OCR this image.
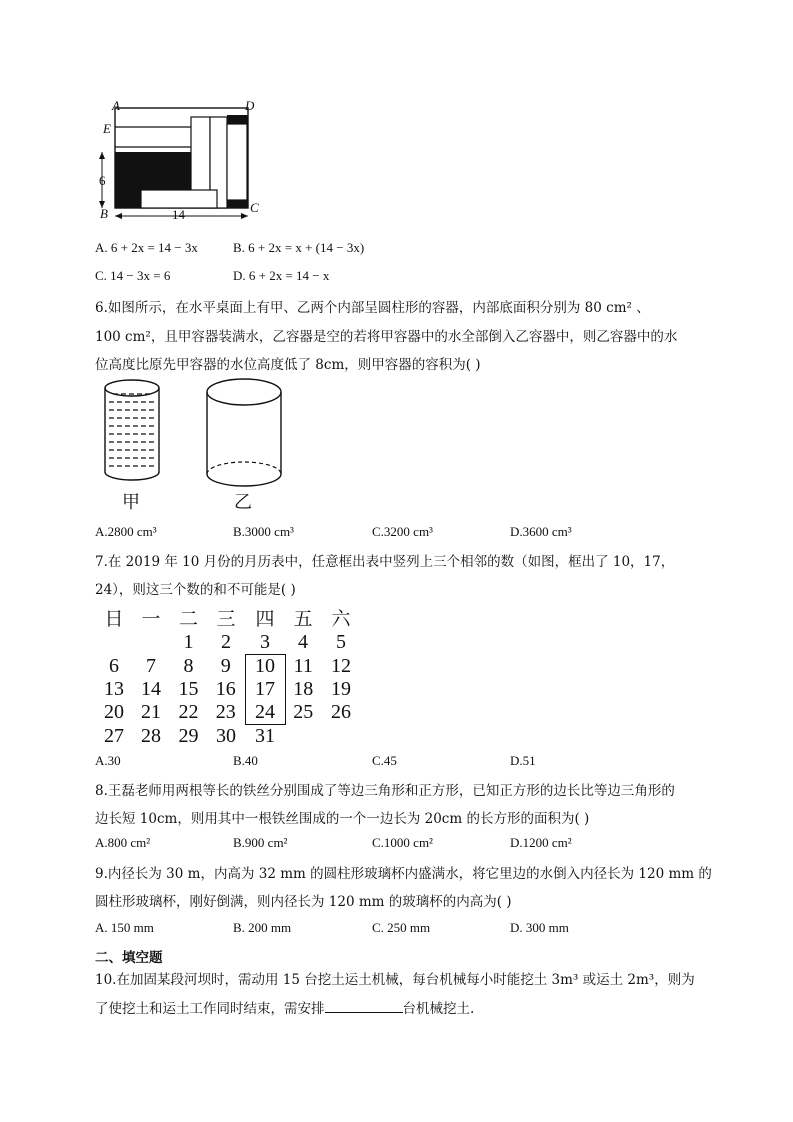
A	D
E
6
B	C
14
A. 6 + 2x = 14 − 3x	B. 6 + 2x = x + (14 − 3x)
C. 14 − 3x = 6	D. 6 + 2x = 14 − x
6.如图所示，在水平桌面上有甲、乙两个内部呈圆柱形的容器，内部底面积分别为 80 cm² 、
100 cm²，且甲容器装满水，乙容器是空的若将甲容器中的水全部倒入乙容器中，则乙容器中的水
位高度比原先甲容器的水位高度低了 8cm，则甲容器的容积为( )
甲	乙
A.2800 cm³	B.3000 cm³	C.3200 cm³	D.3600 cm³
7.在 2019 年 10 月份的月历表中，任意框出表中竖列上三个相邻的数（如图，框出了 10，17，
24），则这三个数的和不可能是( )
日	一	二	三	四	五	六
		1	2	3	4	5
6	7	8	9	10	11	12
13	14	15	16	17	18	19
20	21	22	23	24	25	26
27	28	29	30	31		
A.30	B.40	C.45	D.51
8.王磊老师用两根等长的铁丝分别围成了等边三角形和正方形，已知正方形的边长比等边三角形的
边长短 10cm，则用其中一根铁丝围成的一个一边长为 20cm 的长方形的面积为( )
A.800 cm²	B.900 cm²	C.1000 cm²	D.1200 cm²
9.内径长为 30 m，内高为 32 mm 的圆柱形玻璃杯内盛满水，将它里边的水倒入内径长为 120 mm 的
圆柱形玻璃杯，刚好倒满，则内径长为 120 mm 的玻璃杯的内高为( )
A. 150 mm	B. 200 mm	C. 250 mm	D. 300 mm
二、填空题
10.在加固某段河坝时，需动用 15 台挖土运土机械，每台机械每小时能挖土 3m³ 或运土 2m³，则为
了使挖土和运土工作同时结束，需安排	台机械挖土.
